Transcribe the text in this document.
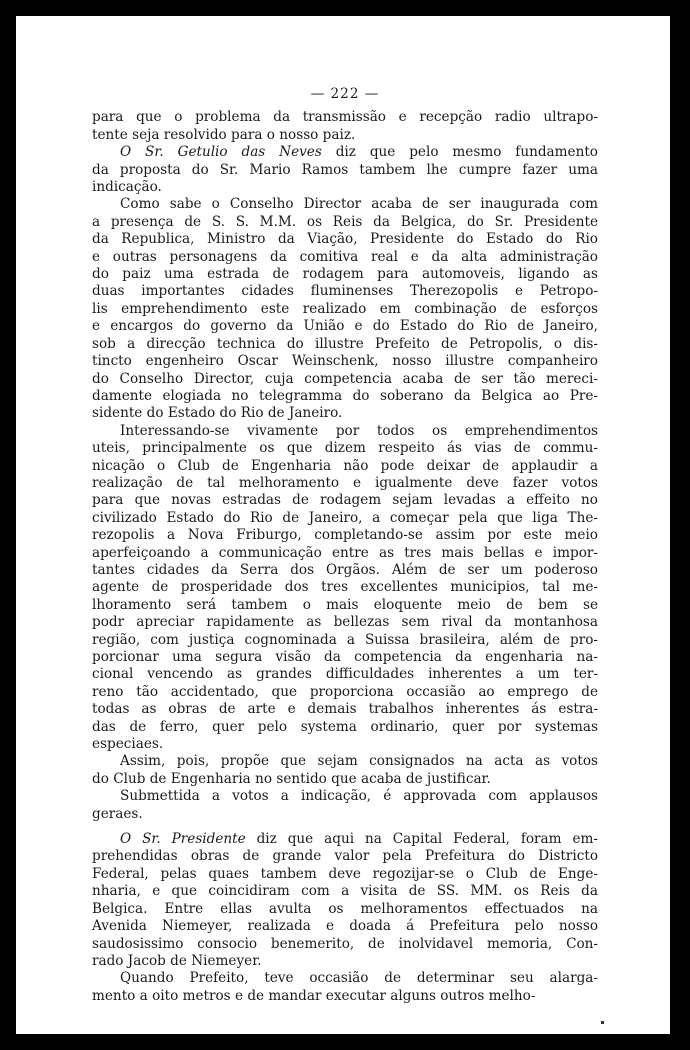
— 222 —
para que o problema da transmissão e recepção radio ultrapo-
tente seja resolvido para o nosso paiz.
O Sr. Getulio das Neves diz que pelo mesmo fundamento
da proposta do Sr. Mario Ramos tambem lhe cumpre fazer uma
indicação.
Como sabe o Conselho Director acaba de ser inaugurada com
a presença de S. S. M.M. os Reis da Belgica, do Sr. Presidente
da Republica, Ministro da Viação, Presidente do Estado do Rio
e outras personagens da comitiva real e da alta administração
do paiz uma estrada de rodagem para automoveis, ligando as
duas importantes cidades fluminenses Therezopolis e Petropo-
lis emprehendimento este realizado em combinação de esforços
e encargos do governo da União e do Estado do Rio de Janeiro,
sob a direcção technica do illustre Prefeito de Petropolis, o dis-
tincto engenheiro Oscar Weinschenk, nosso illustre companheiro
do Conselho Director, cuja competencia acaba de ser tão mereci-
damente elogiada no telegramma do soberano da Belgica ao Pre-
sidente do Estado do Rio de Janeiro.
Interessando-se vivamente por todos os emprehendimentos
uteis, principalmente os que dizem respeito ás vias de commu-
nicação o Club de Engenharia não pode deixar de applaudir a
realização de tal melhoramento e igualmente deve fazer votos
para que novas estradas de rodagem sejam levadas a effeito no
civilizado Estado do Rio de Janeiro, a começar pela que liga The-
rezopolis a Nova Friburgo, completando-se assim por este meio
aperfeiçoando a communicação entre as tres mais bellas e impor-
tantes cidades da Serra dos Orgãos. Além de ser um poderoso
agente de prosperidade dos tres excellentes municipios, tal me-
lhoramento será tambem o mais eloquente meio de bem se
podr apreciar rapidamente as bellezas sem rival da montanhosa
região, com justiça cognominada a Suissa brasileira, além de pro-
porcionar uma segura visão da competencia da engenharia na-
cional vencendo as grandes difficuldades inherentes a um ter-
reno tão accidentado, que proporciona occasião ao emprego de
todas as obras de arte e demais trabalhos inherentes ás estra-
das de ferro, quer pelo systema ordinario, quer por systemas
especiaes.
Assim, pois, propõe que sejam consignados na acta as votos
do Club de Engenharia no sentido que acaba de justificar.
Submettida a votos a indicação, é approvada com applausos
geraes.
O Sr. Presidente diz que aqui na Capital Federal, foram em-
prehendidas obras de grande valor pela Prefeitura do Districto
Federal, pelas quaes tambem deve regozijar-se o Club de Enge-
nharia, e que coincidiram com a visita de SS. MM. os Reis da
Belgica. Entre ellas avulta os melhoramentos effectuados na
Avenida Niemeyer, realizada e doada á Prefeitura pelo nosso
saudosissimo consocio benemerito, de inolvidavel memoria, Con-
rado Jacob de Niemeyer.
Quando Prefeito, teve occasião de determinar seu alarga-
mento a oito metros e de mandar executar alguns outros melho-
